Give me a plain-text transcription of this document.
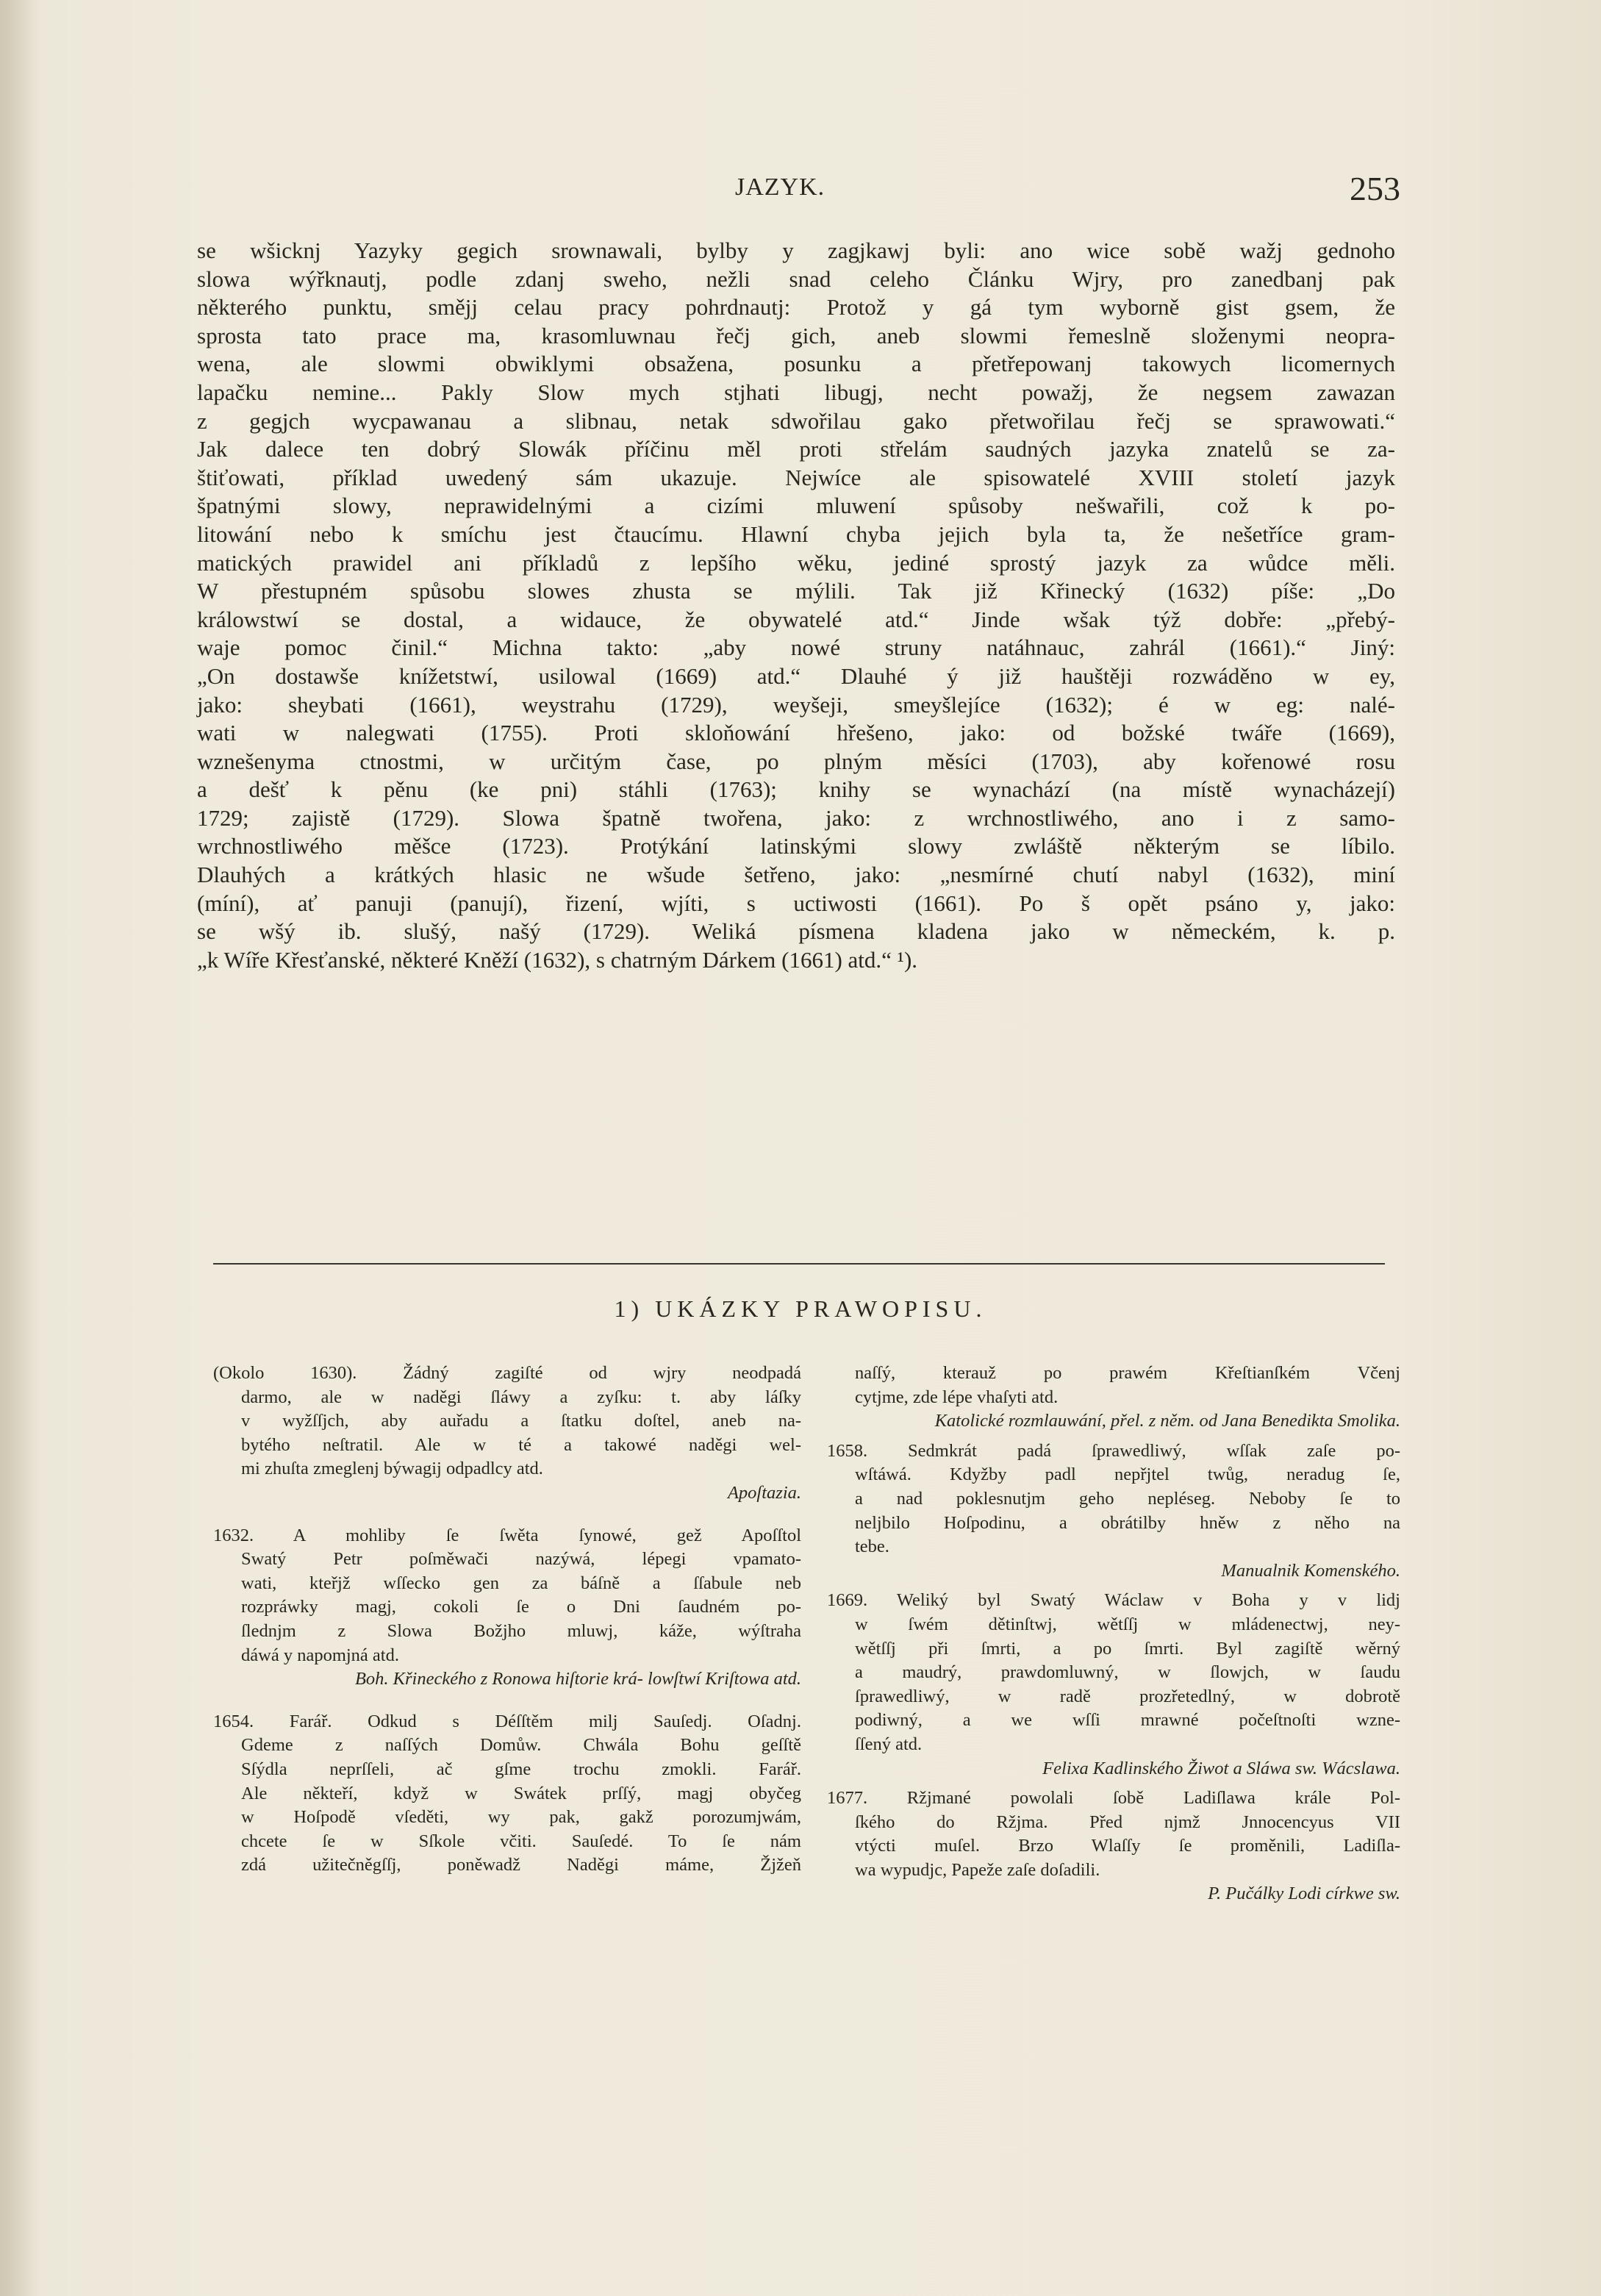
JAZYK.	253
se wšicknj Yazyky gegich srownawali, bylby y zagjkawj byli: ano wice sobě wažj gednoho
slowa wýřknautj, podle zdanj sweho, nežli snad celeho Článku Wjry, pro zanedbanj pak
některého punktu, smějj celau pracy pohrdnautj: Protož y gá tym wyborně gist gsem, že
sprosta tato prace ma, krasomluwnau řečj gich, aneb slowmi řemeslně složenymi neopra-
wena, ale slowmi obwiklymi obsažena, posunku a přetřepowanj takowych licomernych
lapačku nemine... Pakly Slow mych stjhati libugj, necht powažj, že negsem zawazan
z gegjch wycpawanau a slibnau, netak sdwořilau gako přetwořilau řečj se sprawowati.“
Jak dalece ten dobrý Slowák příčinu měl proti střelám saudných jazyka znatelů se za-
štiťowati, příklad uwedený sám ukazuje. Nejwíce ale spisowatelé XVIII století jazyk
špatnými slowy, neprawidelnými a cizími mluwení spůsoby nešwařili, což k po-
litowání nebo k smíchu jest čtaucímu. Hlawní chyba jejich byla ta, že nešetříce gram-
matických prawidel ani příkladů z lepšího wěku, jediné sprostý jazyk za wůdce měli.
W přestupném spůsobu slowes zhusta se mýlili. Tak již Křinecký (1632) píše: „Do
králowstwí se dostal, a widauce, že obywatelé atd.“ Jinde wšak týž dobře: „přebý-
waje pomoc činil.“ Michna takto: „aby nowé struny natáhnauc, zahrál (1661).“ Jiný:
„On dostawše knížetstwí, usilowal (1669) atd.“ Dlauhé ý již hauštěji rozwáděno w ey,
jako: sheybati (1661), weystrahu (1729), weyšeji, smeyšlejíce (1632); é w eg: nalé-
wati w nalegwati (1755). Proti skloňowání hřešeno, jako: od božské twáře (1669),
wznešenyma ctnostmi, w určitým čase, po plným měsíci (1703), aby kořenowé rosu
a dešť k pěnu (ke pni) stáhli (1763); knihy se wynachází (na místě wynacházejí)
1729; zajistě (1729). Slowa špatně twořena, jako: z wrchnostliwého, ano i z samo-
wrchnostliwého měšce (1723). Protýkání latinskými slowy zwláště některým se líbilo.
Dlauhých a krátkých hlasic ne wšude šetřeno, jako: „nesmírné chutí nabyl (1632), miní
(míní), ať panuji (panují), řizení, wjíti, s uctiwosti (1661). Po š opět psáno y, jako:
se wšý ib. slušý, našý (1729). Weliká písmena kladena jako w německém, k. p.
„k Wíře Křesťanské, některé Kněží (1632), s chatrným Dárkem (1661) atd.“ ¹).
1) UKÁZKY PRAWOPISU.
(Okolo 1630). Žádný zagiſté od wjry neodpadá
darmo, ale w naděgi ſláwy a zyſku: t. aby láſky
v wyžſſjch, aby auřadu a ſtatku doſtel, aneb na-
bytého neſtratil. Ale w té a takowé naděgi wel-
mi zhuſta zmeglenj býwagij odpadlcy atd.
Apoſtazia.
1632. A mohliby ſe ſwěta ſynowé, gež Apoſſtol
Swatý Petr poſměwači nazýwá, lépegi vpamato-
wati, kteřjž wſſecko gen za báſně a ſſabule neb
rozpráwky magj, cokoli ſe o Dni ſaudném po-
ſlednjm z Slowa Božjho mluwj, káže, wýſtraha
dáwá y napomjná atd.
Boh. Křineckého z Ronowa hiſtorie krá- lowſtwí Kriſtowa atd.
1654. Farář. Odkud s Déſſtěm milj Sauſedj. Oſadnj.
Gdeme z naſſých Domůw. Chwála Bohu geſſtě
Sſýdla neprſſeli, ač gſme trochu zmokli. Farář.
Ale někteří, když w Swátek prſſý, magj obyčeg
w Hoſpodě vſeděti, wy pak, gakž porozumjwám,
chcete ſe w Sſkole včiti. Sauſedé. To ſe nám
zdá užitečněgſſj, poněwadž Naděgi máme, Žjžeň
naſſý, kterauž po prawém Křeſtianſkém Včenj
cytjme, zde lépe vhaſyti atd.
Katolické rozmlauwání, přel. z něm. od Jana Benedikta Smolika.
1658. Sedmkrát padá ſprawedliwý, wſſak zaſe po-
wſtáwá. Kdyžby padl nepřjtel twůg, neradug ſe,
a nad poklesnutjm geho nepléseg. Neboby ſe to
neljbilo Hoſpodinu, a obrátilby hněw z něho na
tebe.
Manualnik Komenského.
1669. Weliký byl Swatý Wáclaw v Boha y v lidj
w ſwém dětinſtwj, wětſſj w mládenectwj, ney-
wětſſj při ſmrti, a po ſmrti. Byl zagiſtě wěrný
a maudrý, prawdomluwný, w ſlowjch, w ſaudu
ſprawedliwý, w radě prozřetedlný, w dobrotě
podiwný, a we wſſi mrawné počeſtnoſti wzne-
ſſený atd.
Felixa Kadlinského Žiwot a Sláwa sw. Wácslawa.
1677. Ržjmané powolali ſobě Ladiſlawa krále Pol-
ſkého do Ržjma. Před njmž Jnnocencyus VII
vtýcti muſel. Brzo Wlaſſy ſe proměnili, Ladiſla-
wa wypudjc, Papeže zaſe doſadili.
P. Pučálky Lodi církwe sw.
